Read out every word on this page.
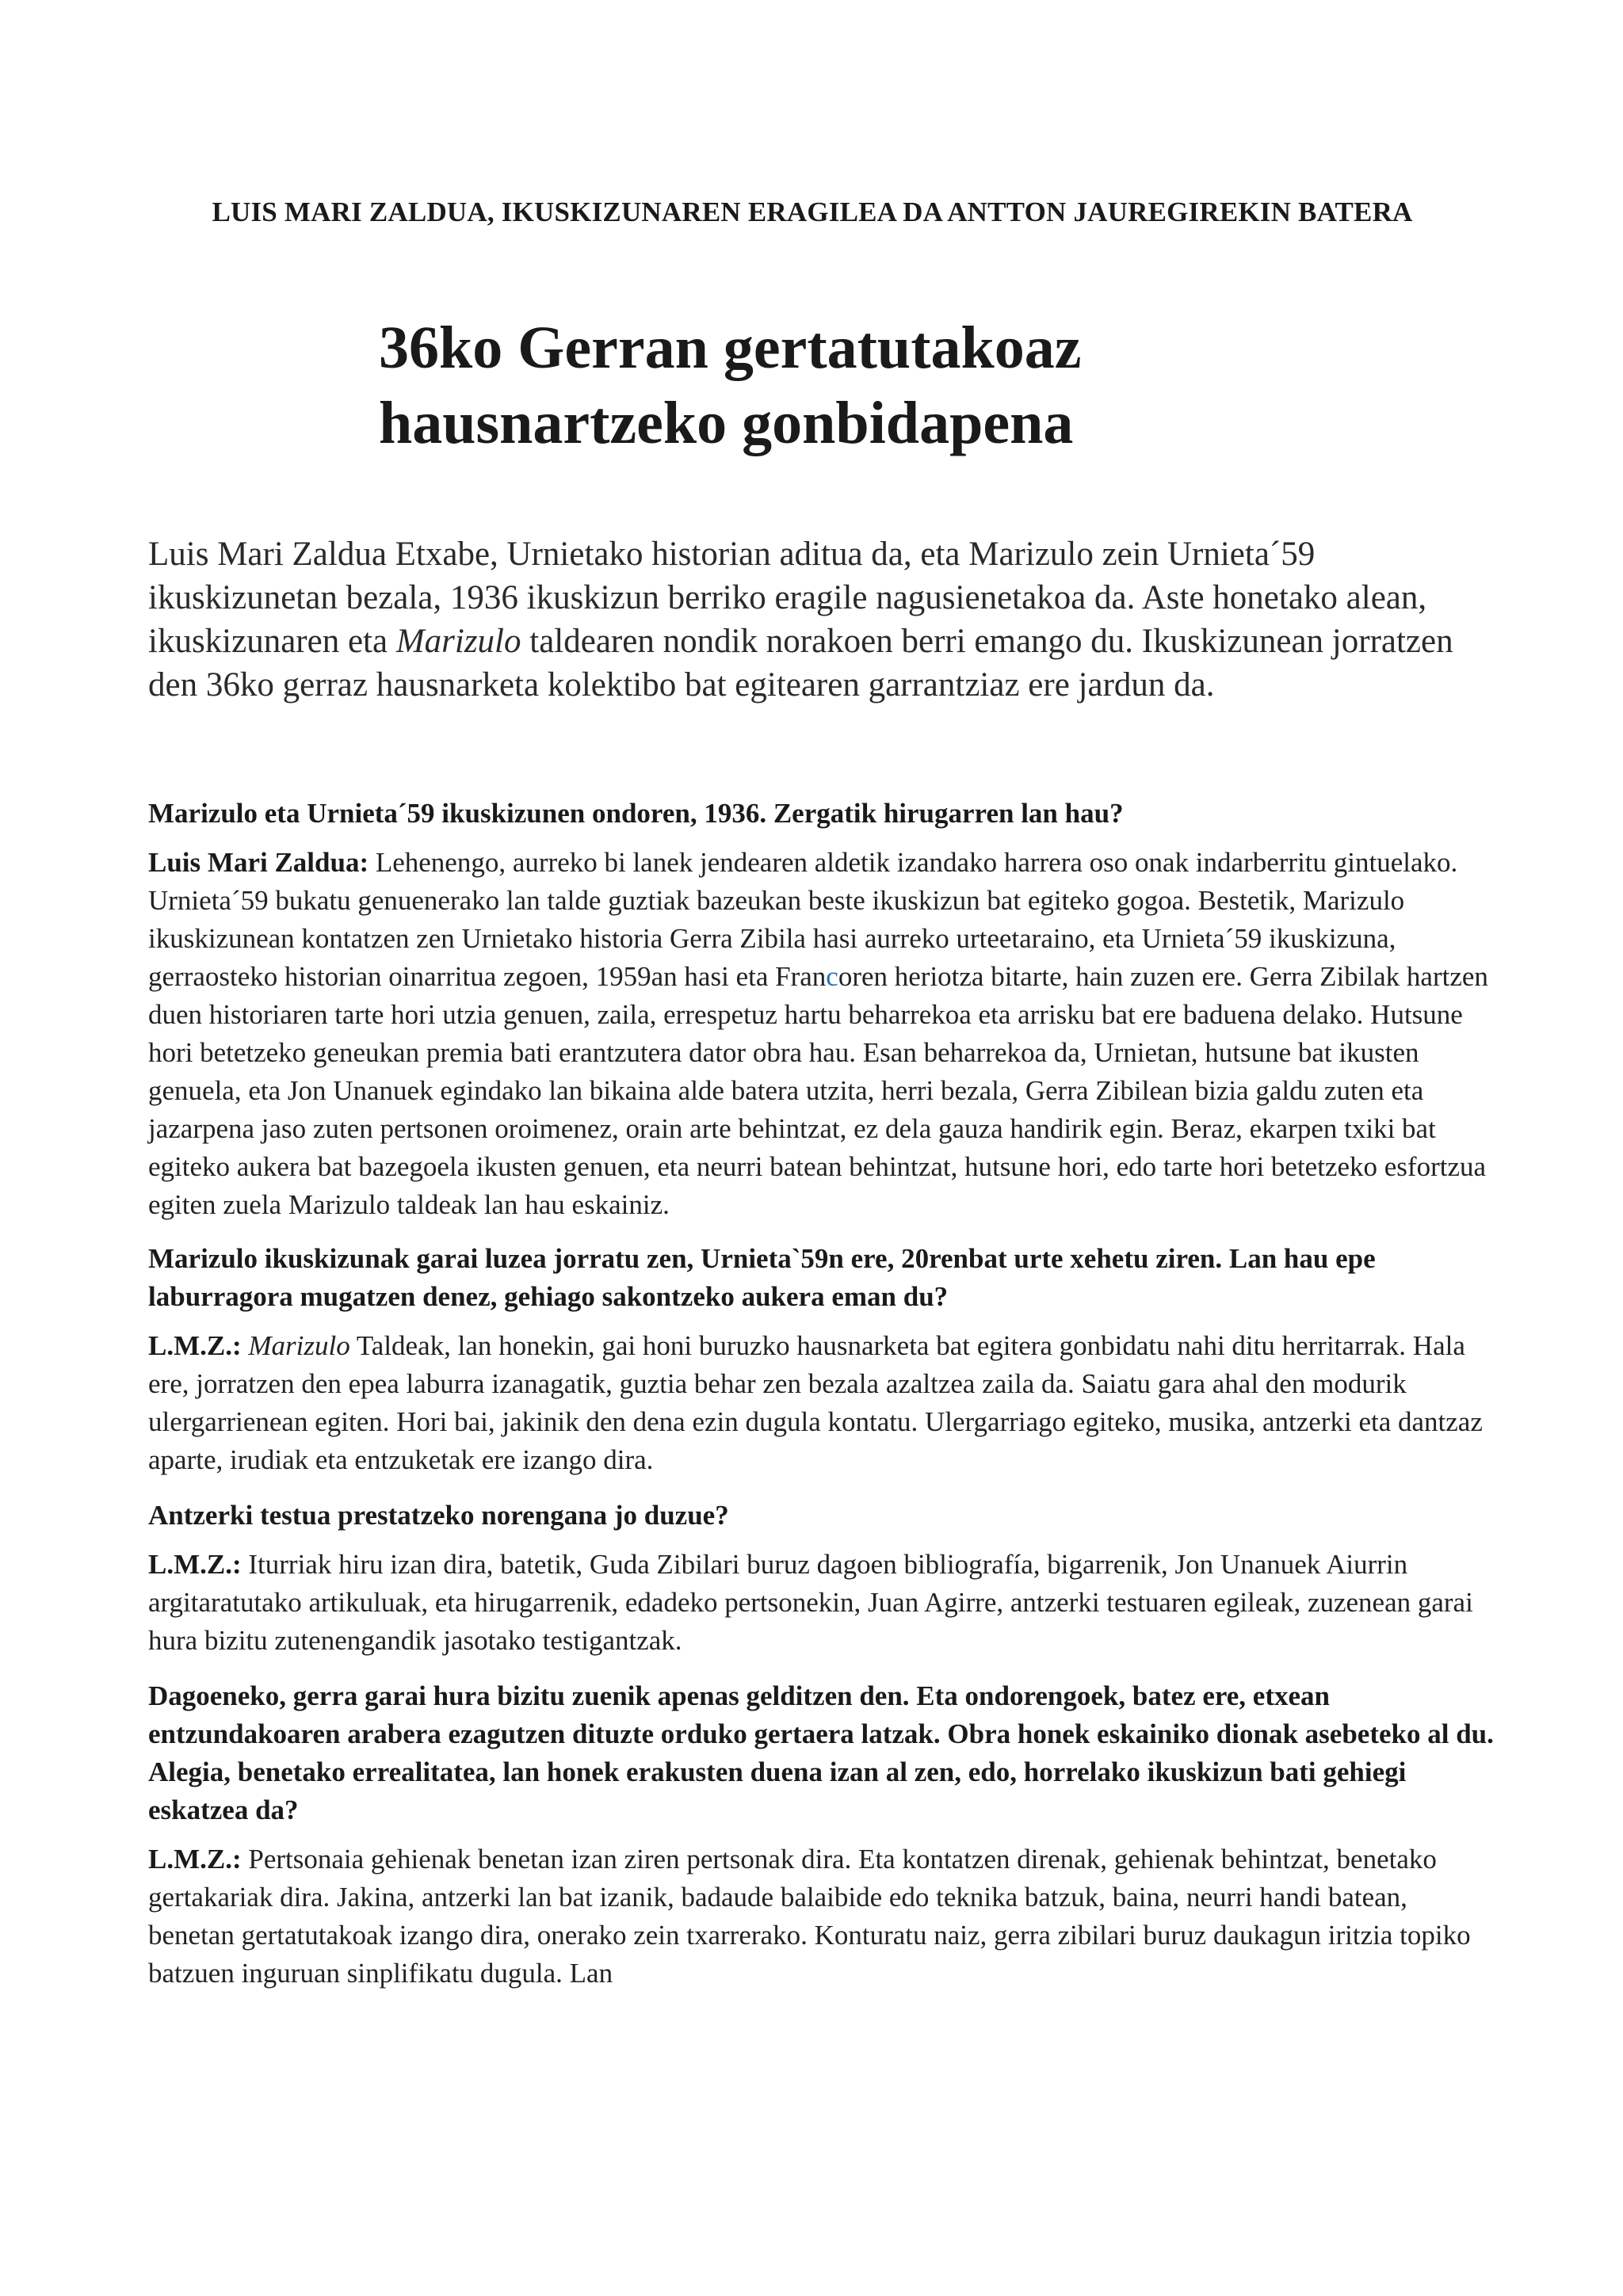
LUIS MARI ZALDUA, IKUSKIZUNAREN ERAGILEA DA ANTTON JAUREGIREKIN BATERA
36ko Gerran gertatutakoaz
hausnartzeko gonbidapena

Luis Mari Zaldua Etxabe, Urnietako historian aditua da, eta Marizulo zein Urnieta´59 ikuskizunetan bezala, 1936 ikuskizun berriko eragile nagusienetakoa da. Aste honetako alean, ikuskizunaren eta Marizulo taldearen nondik norakoen berri emango du. Ikuskizunean jorratzen den 36ko gerraz hausnarketa kolektibo bat egitearen garrantziaz ere jardun da.

Marizulo eta Urnieta´59 ikuskizunen ondoren, 1936. Zergatik hirugarren lan hau?

Luis Mari Zaldua: Lehenengo, aurreko bi lanek jendearen aldetik izandako harrera oso onak indarberritu gintuelako. Urnieta´59 bukatu genuenerako lan talde guztiak bazeukan beste ikuskizun bat egiteko gogoa. Bestetik, Marizulo ikuskizunean kontatzen zen Urnietako historia Gerra Zibila hasi aurreko urteetaraino, eta Urnieta´59 ikuskizuna, gerraosteko historian oinarritua zegoen, 1959an hasi eta Francoren heriotza bitarte, hain zuzen ere. Gerra Zibilak hartzen duen historiaren tarte hori utzia genuen, zaila, errespetuz hartu beharrekoa eta arrisku bat ere baduena delako. Hutsune hori betetzeko geneukan premia bati erantzutera dator obra hau. Esan beharrekoa da, Urnietan, hutsune bat ikusten genuela, eta Jon Unanuek egindako lan bikaina alde batera utzita, herri bezala, Gerra Zibilean bizia galdu zuten eta jazarpena jaso zuten pertsonen oroimenez, orain arte behintzat, ez dela gauza handirik egin. Beraz, ekarpen txiki bat egiteko aukera bat bazegoela ikusten genuen, eta neurri batean behintzat, hutsune hori, edo tarte hori betetzeko esfortzua egiten zuela Marizulo taldeak lan hau eskainiz.

Marizulo ikuskizunak garai luzea jorratu zen, Urnieta`59n ere, 20renbat urte xehetu ziren. Lan hau epe laburragora mugatzen denez, gehiago sakontzeko aukera eman du?

L.M.Z.: Marizulo Taldeak, lan honekin, gai honi buruzko hausnarketa bat egitera gonbidatu nahi ditu herritarrak. Hala ere, jorratzen den epea laburra izanagatik, guztia behar zen bezala azaltzea zaila da. Saiatu gara ahal den modurik ulergarrienean egiten. Hori bai, jakinik den dena ezin dugula kontatu. Ulergarriago egiteko, musika, antzerki eta dantzaz aparte, irudiak eta entzuketak ere izango dira.

Antzerki testua prestatzeko norengana jo duzue?

L.M.Z.: Iturriak hiru izan dira, batetik, Guda Zibilari buruz dagoen bibliografía, bigarrenik, Jon Unanuek Aiurrin argitaratutako artikuluak, eta hirugarrenik, edadeko pertsonekin, Juan Agirre, antzerki testuaren egileak, zuzenean garai hura bizitu zutenengandik jasotako testigantzak.

Dagoeneko, gerra garai hura bizitu zuenik apenas gelditzen den. Eta ondorengoek, batez ere, etxean entzundakoaren arabera ezagutzen dituzte orduko gertaera latzak. Obra honek eskainiko dionak asebeteko al du. Alegia, benetako errealitatea, lan honek erakusten duena izan al zen, edo, horrelako ikuskizun bati gehiegi eskatzea da?

L.M.Z.: Pertsonaia gehienak benetan izan ziren pertsonak dira. Eta kontatzen direnak, gehienak behintzat, benetako gertakariak dira. Jakina, antzerki lan bat izanik, badaude balaibide edo teknika batzuk, baina, neurri handi batean, benetan gertatutakoak izango dira, onerako zein txarrerako. Konturatu naiz, gerra zibilari buruz daukagun iritzia topiko batzuen inguruan sinplifikatu dugula. Lan
